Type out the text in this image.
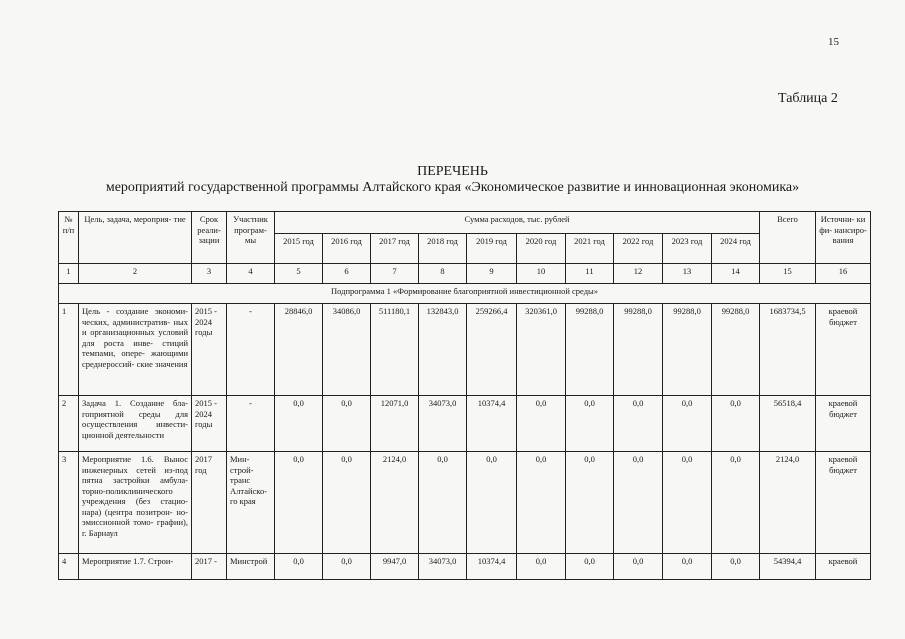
15
Таблица 2
ПЕРЕЧЕНЬ
мероприятий государственной программы Алтайского края «Экономическое развитие и инновационная экономика»
№ п/п	Цель, задача, мероприя- тие	Срок реали- зации	Участник програм- мы	Сумма расходов, тыс. рублей										Всего	Источни- ки фи- нансиро- вания
				2015 год	2016 год	2017 год	2018 год	2019 год	2020 год	2021 год	2022 год	2023 год	2024 год		
1	2	3	4	5	6	7	8	9	10	11	12	13	14	15	16
Подпрограмма 1 «Формирование благоприятной инвестиционной среды»															
1	Цель - создание экономи- ческих, административ- ных и организационных условий для роста инве- стиций темпами, опере- жающими среднероссий- ские значения	2015 - 2024 годы	-	28846,0	34086,0	511180,1	132843,0	259266,4	320361,0	99288,0	99288,0	99288,0	99288,0	1683734,5	краевой бюджет
2	Задача 1. Создание бла- гоприятной среды для осуществления инвести- ционной деятельности	2015 - 2024 годы	-	0,0	0,0	12071,0	34073,0	10374,4	0,0	0,0	0,0	0,0	0,0	56518,4	краевой бюджет
3	Мероприятие 1.6. Вынос инженерных сетей из-под пятна застройки амбула- торно-поликлинического учреждения (без стацио- нара) (центра позитрон- но-эмиссионной томо- графии), г. Барнаул	2017 год	Мин- строй- транс Алтайско- го края	0,0	0,0	2124,0	0,0	0,0	0,0	0,0	0,0	0,0	0,0	2124,0	краевой бюджет
4	Мероприятие 1.7. Строи-	2017 -	Минстрой	0,0	0,0	9947,0	34073,0	10374,4	0,0	0,0	0,0	0,0	0,0	54394,4	краевой
